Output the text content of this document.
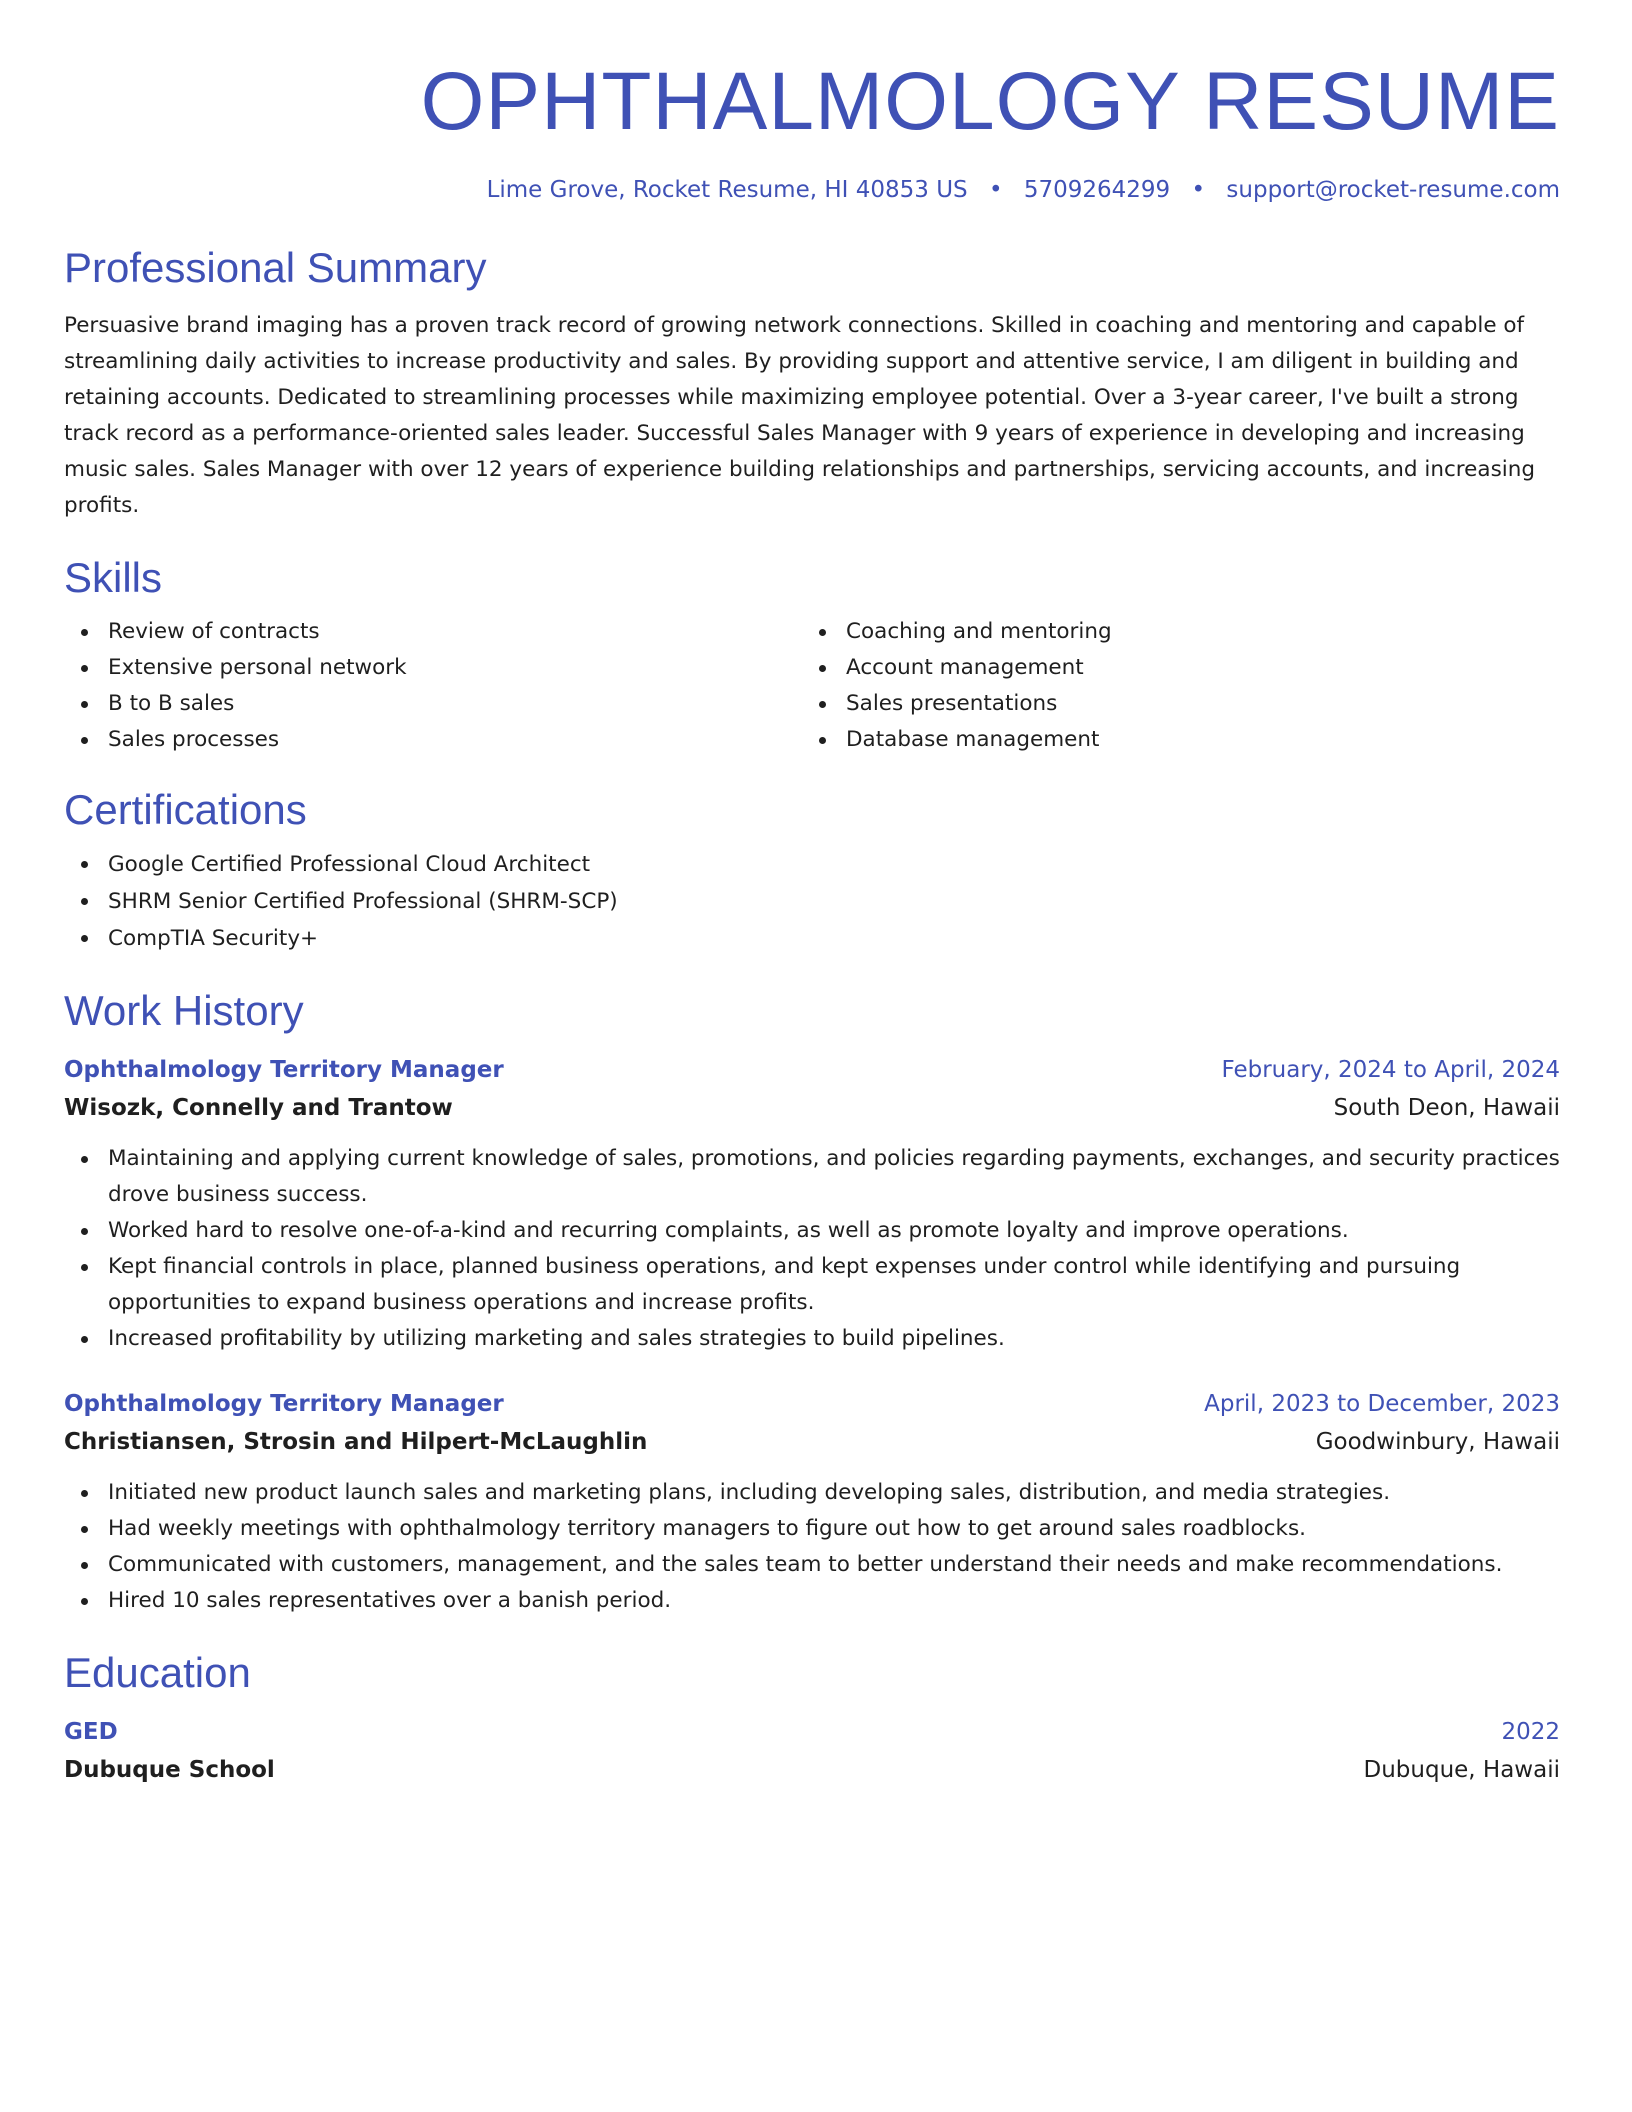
OPHTHALMOLOGY RESUME
Lime Grove, Rocket Resume, HI 40853 US • 5709264299 • support@rocket-resume.com
Professional Summary

Persuasive brand imaging has a proven track record of growing network connections. Skilled in coaching and mentoring and capable of streamlining daily activities to increase productivity and sales. By providing support and attentive service, I am diligent in building and retaining accounts. Dedicated to streamlining processes while maximizing employee potential. Over a 3-year career, I've built a strong track record as a performance-oriented sales leader. Successful Sales Manager with 9 years of experience in developing and increasing music sales. Sales Manager with over 12 years of experience building relationships and partnerships, servicing accounts, and increasing profits.

Skills
Review of contracts
Extensive personal network
B to B sales
Sales processes
Coaching and mentoring
Account management
Sales presentations
Database management
Certifications
Google Certified Professional Cloud Architect
SHRM Senior Certified Professional (SHRM-SCP)
CompTIA Security+
Work History
Ophthalmology Territory Manager	February, 2024 to April, 2024
Wisozk, Connelly and Trantow	South Deon, Hawaii
Maintaining and applying current knowledge of sales, promotions, and policies regarding payments, exchanges, and security practices drove business success.
Worked hard to resolve one-of-a-kind and recurring complaints, as well as promote loyalty and improve operations.
Kept financial controls in place, planned business operations, and kept expenses under control while identifying and pursuing opportunities to expand business operations and increase profits.
Increased profitability by utilizing marketing and sales strategies to build pipelines.
Ophthalmology Territory Manager	April, 2023 to December, 2023
Christiansen, Strosin and Hilpert-McLaughlin	Goodwinbury, Hawaii
Initiated new product launch sales and marketing plans, including developing sales, distribution, and media strategies.
Had weekly meetings with ophthalmology territory managers to figure out how to get around sales roadblocks.
Communicated with customers, management, and the sales team to better understand their needs and make recommendations.
Hired 10 sales representatives over a banish period.
Education
GED	2022
Dubuque School	Dubuque, Hawaii
